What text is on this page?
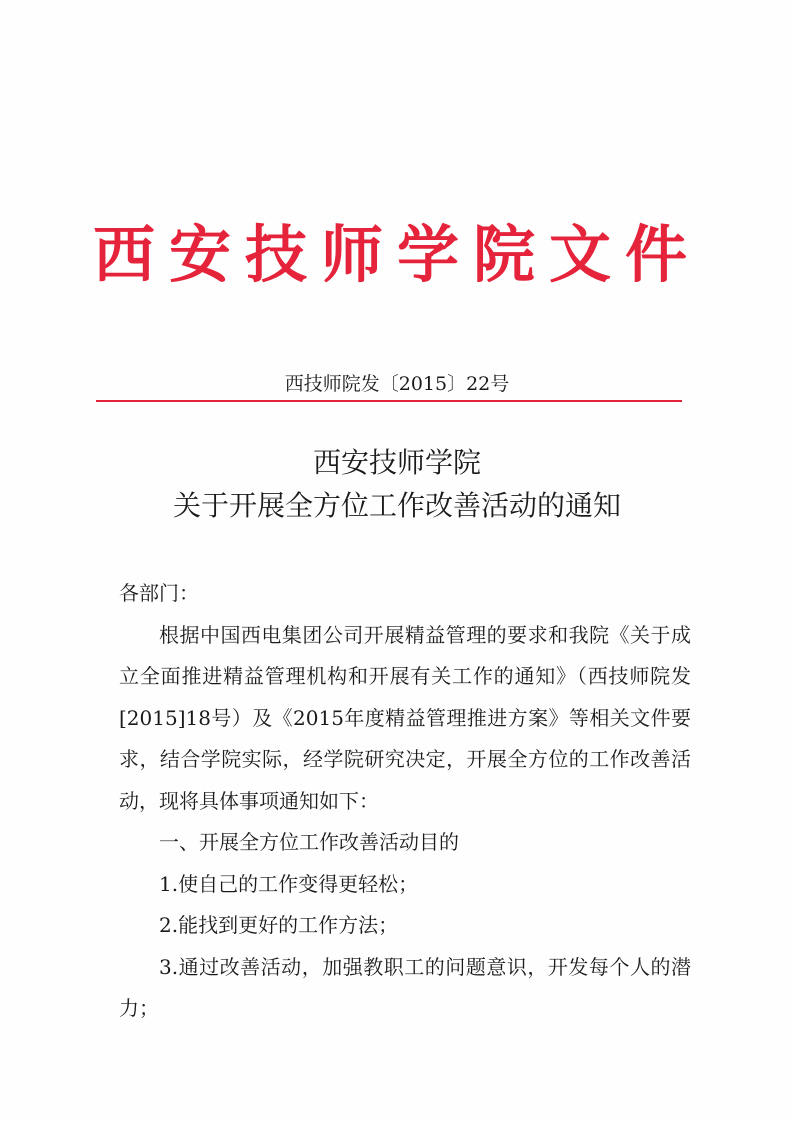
西安技师学院文件
西技师院发〔2015〕22号
西安技师学院
关于开展全方位工作改善活动的通知

各部门：

根据中国西电集团公司开展精益管理的要求和我院《关于成立全面推进精益管理机构和开展有关工作的通知》（西技师院发[2015]18号）及《2015年度精益管理推进方案》等相关文件要求，结合学院实际，经学院研究决定，开展全方位的工作改善活动，现将具体事项通知如下：

一、开展全方位工作改善活动目的

1.使自己的工作变得更轻松；

2.能找到更好的工作方法；

3.通过改善活动，加强教职工的问题意识，开发每个人的潜力；
